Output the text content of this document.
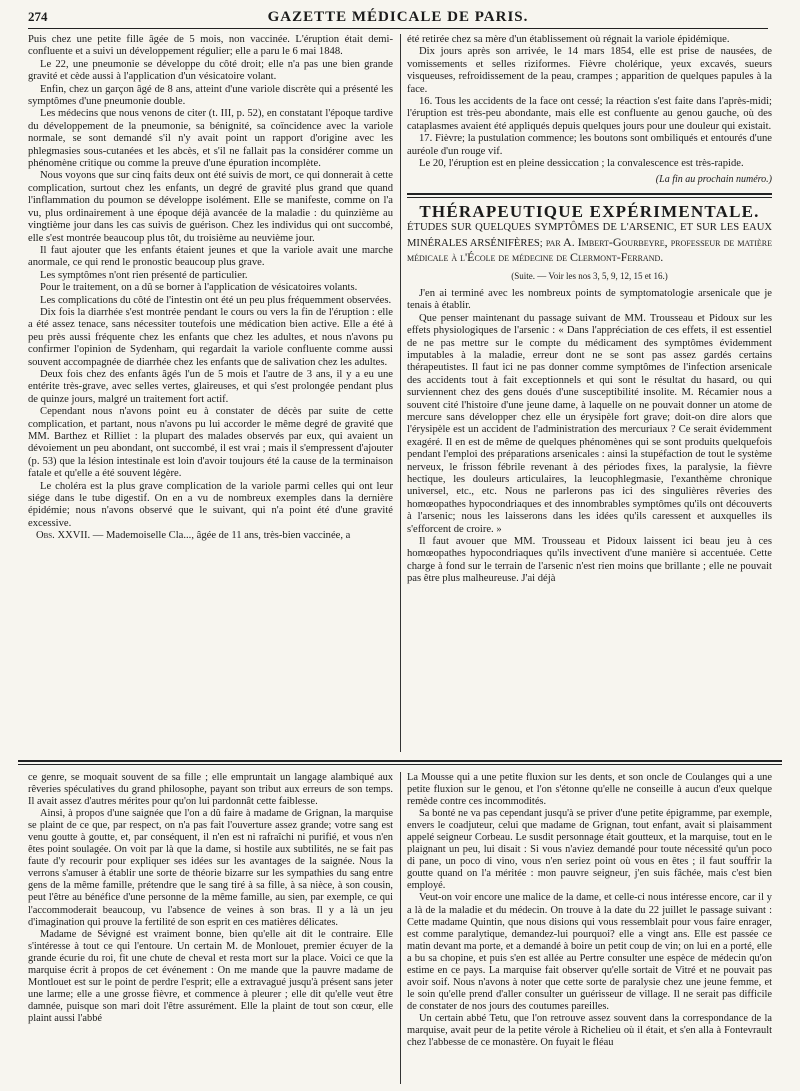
274	GAZETTE MÉDICALE DE PARIS.

Puis chez une petite fille âgée de 5 mois, non vaccinée. L'éruption était demi-confluente et a suivi un développement régulier; elle a paru le 6 mai 1848.

Le 22, une pneumonie se développe du côté droit; elle n'a pas une bien grande gravité et cède aussi à l'application d'un vésicatoire volant.

Enfin, chez un garçon âgé de 8 ans, atteint d'une variole discrète qui a présenté les symptômes d'une pneumonie double.

Les médecins que nous venons de citer (t. III, p. 52), en constatant l'époque tardive du développement de la pneumonie, sa bénignité, sa coïncidence avec la variole normale, se sont demandé s'il n'y avait point un rapport d'origine avec les phlegmasies sous-cutanées et les abcès, et s'il ne fallait pas la considérer comme un phénomène critique ou comme la preuve d'une épuration incomplète.

Nous voyons que sur cinq faits deux ont été suivis de mort, ce qui donnerait à cette complication, surtout chez les enfants, un degré de gravité plus grand que quand l'inflammation du poumon se développe isolément. Elle se manifeste, comme on l'a vu, plus ordinairement à une époque déjà avancée de la maladie : du quinzième au vingtième jour dans les cas suivis de guérison. Chez les individus qui ont succombé, elle s'est montrée beaucoup plus tôt, du troisième au neuvième jour.

Il faut ajouter que les enfants étaient jeunes et que la variole avait une marche anormale, ce qui rend le pronostic beaucoup plus grave.

Les symptômes n'ont rien présenté de particulier.

Pour le traitement, on a dû se borner à l'application de vésicatoires volants.

Les complications du côté de l'intestin ont été un peu plus fréquemment observées.

Dix fois la diarrhée s'est montrée pendant le cours ou vers la fin de l'éruption : elle a été assez tenace, sans nécessiter toutefois une médication bien active. Elle a été à peu près aussi fréquente chez les enfants que chez les adultes, et nous n'avons pu confirmer l'opinion de Sydenham, qui regardait la variole confluente comme aussi souvent accompagnée de diarrhée chez les enfants que de salivation chez les adultes.

Deux fois chez des enfants âgés l'un de 5 mois et l'autre de 3 ans, il y a eu une entérite très-grave, avec selles vertes, glaireuses, et qui s'est prolongée pendant plus de quinze jours, malgré un traitement fort actif.

Cependant nous n'avons point eu à constater de décès par suite de cette complication, et partant, nous n'avons pu lui accorder le même degré de gravité que MM. Barthez et Rilliet : la plupart des malades observés par eux, qui avaient un dévoiement un peu abondant, ont succombé, il est vrai ; mais il s'empressent d'ajouter (p. 53) que la lésion intestinale est loin d'avoir toujours été la cause de la terminaison fatale et qu'elle a été souvent légère.

Le choléra est la plus grave complication de la variole parmi celles qui ont leur siége dans le tube digestif. On en a vu de nombreux exemples dans la dernière épidémie; nous n'avons observé que le suivant, qui n'a point été d'une gravité excessive.

Obs. XXVII. — Mademoiselle Cla..., âgée de 11 ans, très-bien vaccinée, a

été retirée chez sa mère d'un établissement où régnait la variole épidémique.

Dix jours après son arrivée, le 14 mars 1854, elle est prise de nausées, de vomissements et selles riziformes. Fièvre cholérique, yeux excavés, sueurs visqueuses, refroidissement de la peau, crampes ; apparition de quelques papules à la face.

16. Tous les accidents de la face ont cessé; la réaction s'est faite dans l'après-midi; l'éruption est très-peu abondante, mais elle est confluente au genou gauche, où des cataplasmes avaient été appliqués depuis quelques jours pour une douleur qui existait.

17. Fièvre; la pustulation commence; les boutons sont ombiliqués et entourés d'une auréole d'un rouge vif.

Le 20, l'éruption est en pleine dessiccation ; la convalescence est très-rapide.

(La fin au prochain numéro.)
THÉRAPEUTIQUE EXPÉRIMENTALE.
ÉTUDES SUR QUELQUES SYMPTÔMES DE L'ARSENIC, ET SUR LES EAUX MINÉRALES ARSÉNIFÈRES; par A. Imbert-Gourbeyre, professeur de matière médicale à l'École de médecine de Clermont-Ferrand.
(Suite. — Voir les nos 3, 5, 9, 12, 15 et 16.)

J'en ai terminé avec les nombreux points de symptomatologie arsenicale que je tenais à établir.

Que penser maintenant du passage suivant de MM. Trousseau et Pidoux sur les effets physiologiques de l'arsenic : « Dans l'appréciation de ces effets, il est essentiel de ne pas mettre sur le compte du médicament des symptômes évidemment imputables à la maladie, erreur dont ne se sont pas assez gardés certains thérapeutistes. Il faut ici ne pas donner comme symptômes de l'infection arsenicale des accidents tout à fait exceptionnels et qui sont le résultat du hasard, ou qui surviennent chez des gens doués d'une susceptibilité insolite. M. Récamier nous a souvent cité l'histoire d'une jeune dame, à laquelle on ne pouvait donner un atome de mercure sans développer chez elle un érysipèle fort grave; doit-on dire alors que l'érysipèle est un accident de l'administration des mercuriaux ? Ce serait évidemment exagéré. Il en est de même de quelques phénomènes qui se sont produits quelquefois pendant l'emploi des préparations arsenicales : ainsi la stupéfaction de tout le système nerveux, le frisson fébrile revenant à des périodes fixes, la paralysie, la fièvre hectique, les douleurs articulaires, la leucophlegmasie, l'exanthème chronique universel, etc., etc. Nous ne parlerons pas ici des singulières rêveries des homœopathes hypocondriaques et des innombrables symptômes qu'ils ont découverts à l'arsenic; nous les laisserons dans les idées qu'ils caressent et auxquelles ils s'efforcent de croire. »

Il faut avouer que MM. Trousseau et Pidoux laissent ici beau jeu à ces homœopathes hypocondriaques qu'ils invectivent d'une manière si accentuée. Cette charge à fond sur le terrain de l'arsenic n'est rien moins que brillante ; elle ne pouvait pas être plus malheureuse. J'ai déjà

ce genre, se moquait souvent de sa fille ; elle empruntait un langage alambiqué aux rêveries spéculatives du grand philosophe, payant son tribut aux erreurs de son temps. Il avait assez d'autres mérites pour qu'on lui pardonnât cette faiblesse.

Ainsi, à propos d'une saignée que l'on a dû faire à madame de Grignan, la marquise se plaint de ce que, par respect, on n'a pas fait l'ouverture assez grande; votre sang est venu goutte à goutte, et, par conséquent, il n'en est ni rafraîchi ni purifié, et vous n'en êtes point soulagée. On voit par là que la dame, si hostile aux subtilités, ne se fait pas faute d'y recourir pour expliquer ses idées sur les avantages de la saignée. Nous la verrons s'amuser à établir une sorte de théorie bizarre sur les sympathies du sang entre gens de la même famille, prétendre que le sang tiré à sa fille, à sa nièce, à son cousin, peut l'être au bénéfice d'une personne de la même famille, au sien, par exemple, ce qui l'accommoderait beaucoup, vu l'absence de veines à son bras. Il y a là un jeu d'imagination qui prouve la fertilité de son esprit en ces matières délicates.

Madame de Sévigné est vraiment bonne, bien qu'elle ait dit le contraire. Elle s'intéresse à tout ce qui l'entoure. Un certain M. de Monlouet, premier écuyer de la grande écurie du roi, fit une chute de cheval et resta mort sur la place. Voici ce que la marquise écrit à propos de cet événement : On me mande que la pauvre madame de Montlouet est sur le point de perdre l'esprit; elle a extravagué jusqu'à présent sans jeter une larme; elle a une grosse fièvre, et commence à pleurer ; elle dit qu'elle veut être damnée, puisque son mari doit l'être assurément. Elle la plaint de tout son cœur, elle plaint aussi l'abbé

La Mousse qui a une petite fluxion sur les dents, et son oncle de Coulanges qui a une petite fluxion sur le genou, et l'on s'étonne qu'elle ne conseille à aucun d'eux quelque remède contre ces incommodités.

Sa bonté ne va pas cependant jusqu'à se priver d'une petite épigramme, par exemple, envers le coadjuteur, celui que madame de Grignan, tout enfant, avait si plaisamment appelé seigneur Corbeau. Le susdit personnage était goutteux, et la marquise, tout en le plaignant un peu, lui disait : Si vous n'aviez demandé pour toute nécessité qu'un poco di pane, un poco di vino, vous n'en seriez point où vous en êtes ; il faut souffrir la goutte quand on l'a méritée : mon pauvre seigneur, j'en suis fâchée, mais c'est bien employé.

Veut-on voir encore une malice de la dame, et celle-ci nous intéresse encore, car il y a là de la maladie et du médecin. On trouve à la date du 22 juillet le passage suivant : Cette madame Quintin, que nous disions qui vous ressemblait pour vous faire enrager, est comme paralytique, demandez-lui pourquoi? elle a vingt ans. Elle est passée ce matin devant ma porte, et a demandé à boire un petit coup de vin; on lui en a porté, elle a bu sa chopine, et puis s'en est allée au Pertre consulter une espèce de médecin qu'on estime en ce pays. La marquise fait observer qu'elle sortait de Vitré et ne pouvait pas avoir soif. Nous n'avons à noter que cette sorte de paralysie chez une jeune femme, et le soin qu'elle prend d'aller consulter un guérisseur de village. Il ne serait pas difficile de constater de nos jours des coutumes pareilles.

Un certain abbé Tetu, que l'on retrouve assez souvent dans la correspondance de la marquise, avait peur de la petite vérole à Richelieu où il était, et s'en alla à Fontevrault chez l'abbesse de ce monastère. On fuyait le fléau
